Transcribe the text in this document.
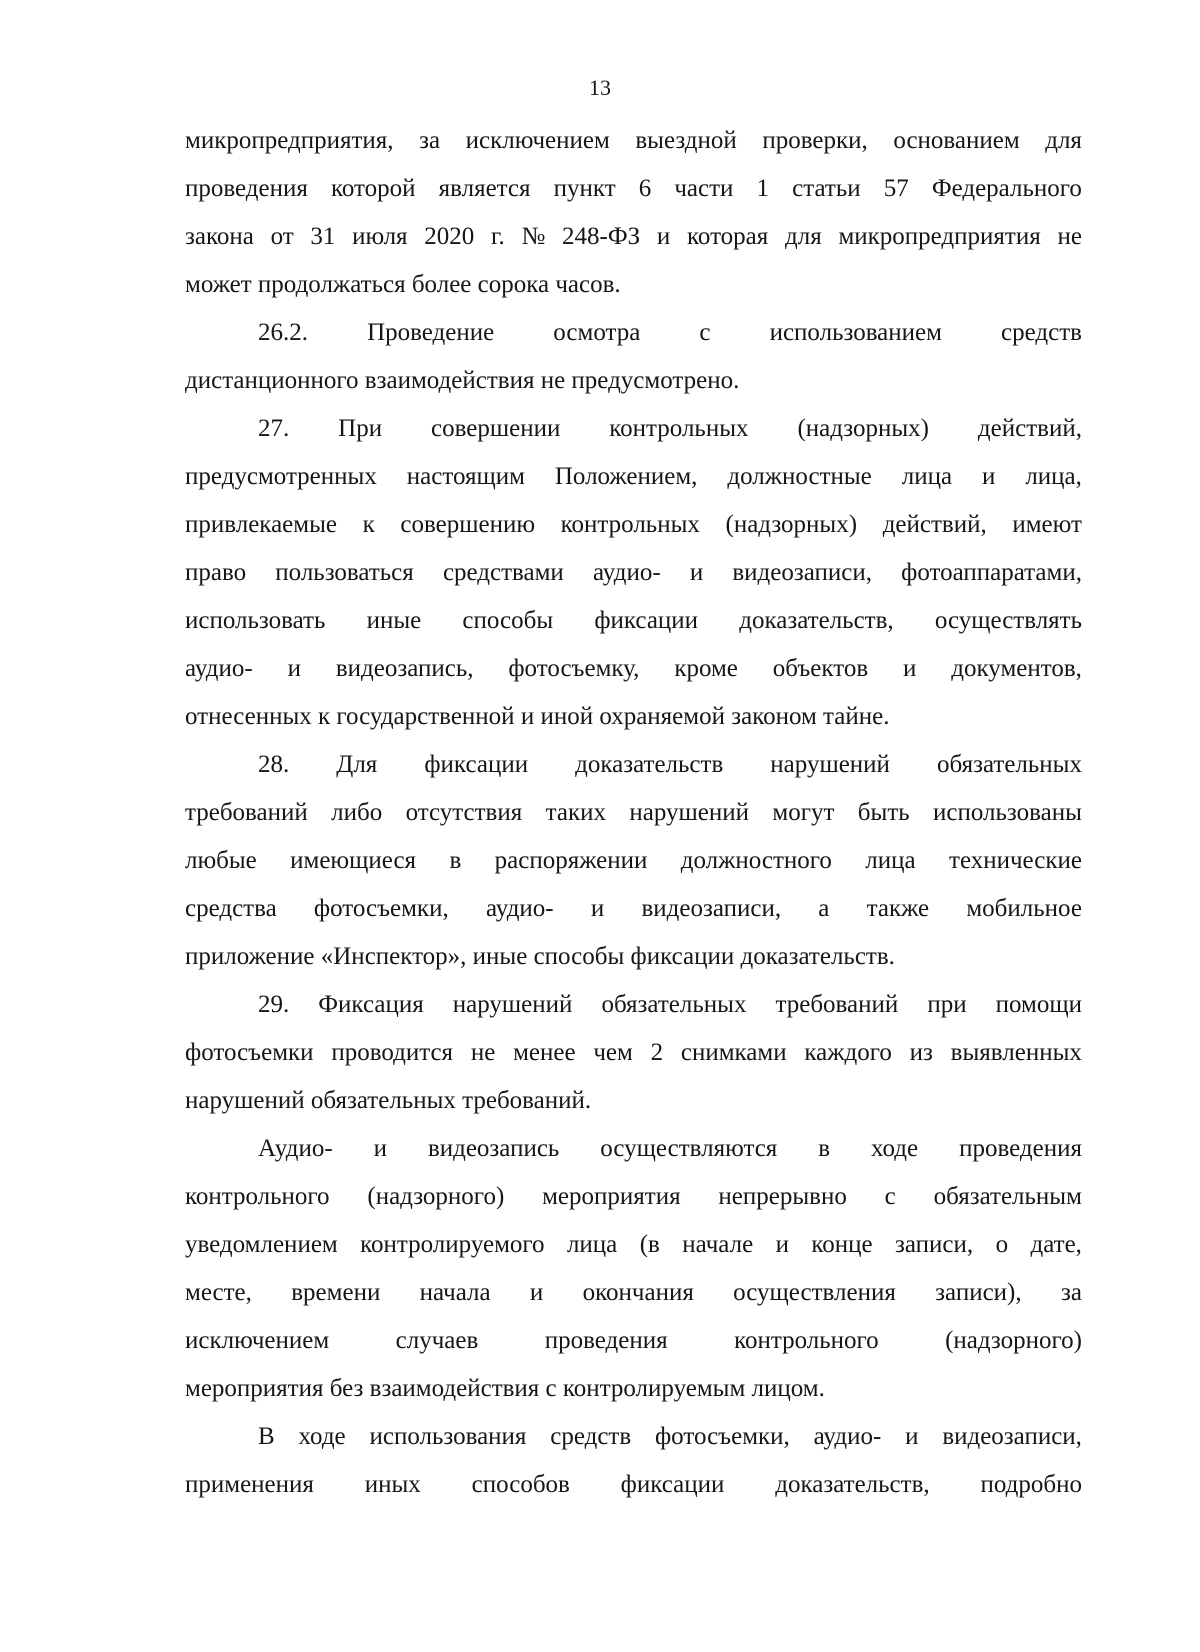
13
микропредприятия, за исключением выездной проверки, основанием для
проведения которой является пункт 6 части 1 статьи 57 Федерального
закона от 31 июля 2020 г. № 248-ФЗ и которая для микропредприятия не
может продолжаться более сорока часов.
26.2. Проведение осмотра с использованием средств
дистанционного взаимодействия не предусмотрено.
27. При совершении контрольных (надзорных) действий,
предусмотренных настоящим Положением, должностные лица и лица,
привлекаемые к совершению контрольных (надзорных) действий, имеют
право пользоваться средствами аудио- и видеозаписи, фотоаппаратами,
использовать иные способы фиксации доказательств, осуществлять
аудио- и видеозапись, фотосъемку, кроме объектов и документов,
отнесенных к государственной и иной охраняемой законом тайне.
28. Для фиксации доказательств нарушений обязательных
требований либо отсутствия таких нарушений могут быть использованы
любые имеющиеся в распоряжении должностного лица технические
средства фотосъемки, аудио- и видеозаписи, а также мобильное
приложение «Инспектор», иные способы фиксации доказательств.
29. Фиксация нарушений обязательных требований при помощи
фотосъемки проводится не менее чем 2 снимками каждого из выявленных
нарушений обязательных требований.
Аудио- и видеозапись осуществляются в ходе проведения
контрольного (надзорного) мероприятия непрерывно с обязательным
уведомлением контролируемого лица (в начале и конце записи, о дате,
месте, времени начала и окончания осуществления записи), за
исключением	случаев	проведения	контрольного	(надзорного)
мероприятия без взаимодействия с контролируемым лицом.
В ходе использования средств фотосъемки, аудио- и видеозаписи,
применения иных способов фиксации доказательств, подробно
